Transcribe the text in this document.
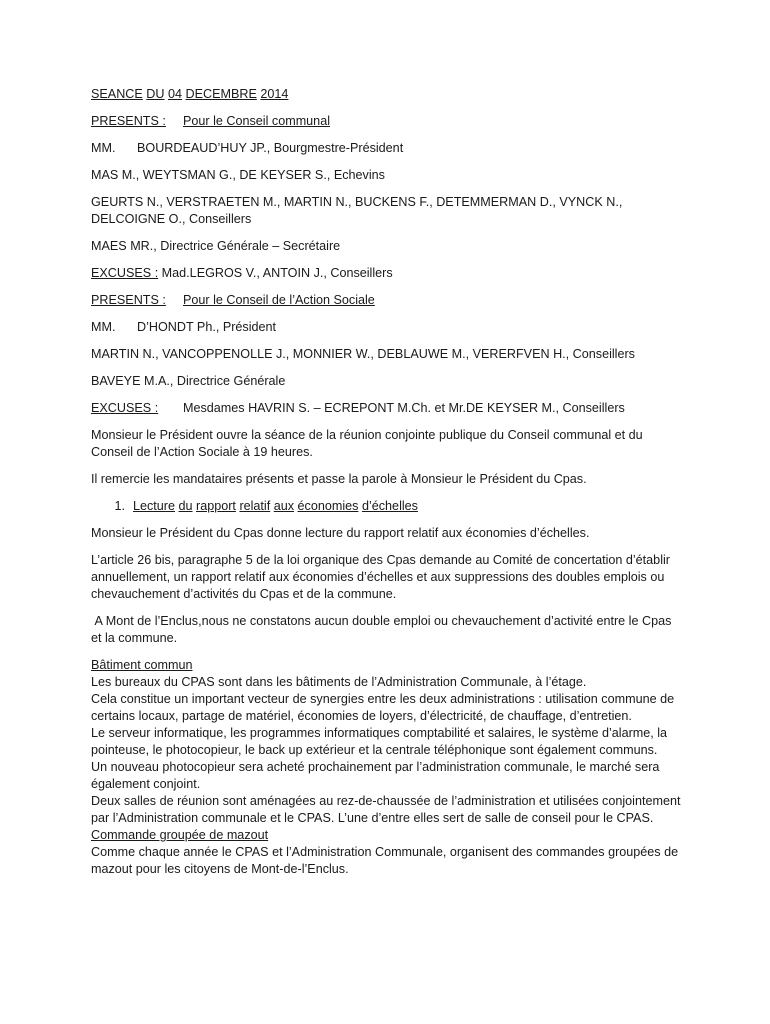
SEANCE DU 04 DECEMBRE 2014

PRESENTS : Pour le Conseil communal

MM. BOURDEAUD’HUY JP., Bourgmestre-Président

MAS M., WEYTSMAN G., DE KEYSER S., Echevins

GEURTS N., VERSTRAETEN M., MARTIN N., BUCKENS F., DETEMMERMAN D., VYNCK N., DELCOIGNE O., Conseillers

MAES MR., Directrice Générale – Secrétaire

EXCUSES : Mad.LEGROS V., ANTOIN J., Conseillers

PRESENTS : Pour le Conseil de l’Action Sociale

MM. D’HONDT Ph., Président

MARTIN N., VANCOPPENOLLE J., MONNIER W., DEBLAUWE M., VERERFVEN H., Conseillers

BAVEYE M.A., Directrice Générale

EXCUSES : Mesdames HAVRIN S. – ECREPONT M.Ch. et Mr.DE KEYSER M., Conseillers

Monsieur le Président ouvre la séance de la réunion conjointe publique du Conseil communal et du Conseil de l’Action Sociale à 19 heures.

Il remercie les mandataires présents et passe la parole à Monsieur le Président du Cpas.

1. Lecture du rapport relatif aux économies d’échelles

Monsieur le Président du Cpas donne lecture du rapport relatif aux économies d’échelles.

L’article 26 bis, paragraphe 5 de la loi organique des Cpas demande au Comité de concertation d’établir annuellement, un rapport relatif aux économies d’échelles et aux suppressions des doubles emplois ou chevauchement d’activités du Cpas et de la commune.

A Mont de l’Enclus,nous ne constatons aucun double emploi ou chevauchement d’activité entre le Cpas et la commune.

Bâtiment commun

Les bureaux du CPAS sont dans les bâtiments de l’Administration Communale, à l’étage.

Cela constitue un important vecteur de synergies entre les deux administrations : utilisation commune de certains locaux, partage de matériel, économies de loyers, d’électricité, de chauffage, d’entretien.

Le serveur informatique, les programmes informatiques comptabilité et salaires, le système d’alarme, la pointeuse, le photocopieur, le back up extérieur et la centrale téléphonique sont également communs.

Un nouveau photocopieur sera acheté prochainement par l’administration communale, le marché sera également conjoint.

Deux salles de réunion sont aménagées au rez-de-chaussée de l’administration et utilisées conjointement par l’Administration communale et le CPAS. L’une d’entre elles sert de salle de conseil pour le CPAS.

Commande groupée de mazout

Comme chaque année le CPAS et l’Administration Communale, organisent des commandes groupées de mazout pour les citoyens de Mont-de-l’Enclus.
